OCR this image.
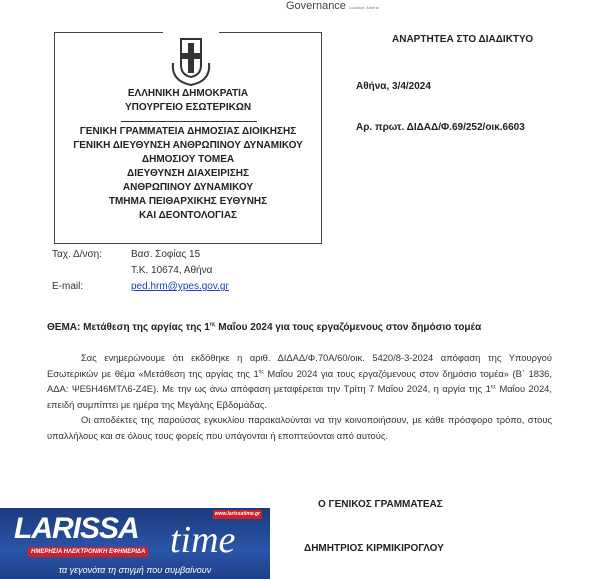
Governance Location: Athens
ΕΛΛΗΝΙΚΗ ΔΗΜΟΚΡΑΤΙΑ
ΥΠΟΥΡΓΕΙΟ ΕΣΩΤΕΡΙΚΩΝ
ΓΕΝΙΚΗ ΓΡΑΜΜΑΤΕΙΑ ΔΗΜΟΣΙΑΣ ΔΙΟΙΚΗΣΗΣ
ΓΕΝΙΚΗ ΔΙΕΥΘΥΝΣΗ ΑΝΘΡΩΠΙΝΟΥ ΔΥΝΑΜΙΚΟΥ
ΔΗΜΟΣΙΟΥ ΤΟΜΕΑ
ΔΙΕΥΘΥΝΣΗ ΔΙΑΧΕΙΡΙΣΗΣ
ΑΝΘΡΩΠΙΝΟΥ ΔΥΝΑΜΙΚΟΥ
ΤΜΗΜΑ ΠΕΙΘΑΡΧΙΚΗΣ ΕΥΘΥΝΗΣ
ΚΑΙ ΔΕΟΝΤΟΛΟΓΙΑΣ
ΑΝΑΡΤΗΤΕΑ ΣΤΟ ΔΙΑΔΙΚΤΥΟ
Αθήνα, 3/4/2024
Αρ. πρωτ. ΔΙΔΑΔ/Φ.69/252/οικ.6603
Ταχ. Δ/νση:	Βασ. Σοφίας 15
Τ.Κ. 10674, Αθήνα
E-mail:	ped.hrm@ypes.gov.gr
ΘΕΜΑ: Μετάθεση της αργίας της $1^{\eta\varsigma}$ Μαΐου 2024 για τους εργαζόμενους στον δημόσιο τομέα

Σας ενημερώνουμε ότι εκδόθηκε η αριθ. ΔΙΔΑΔ/Φ.70Α/60/οικ. 5420/8-3-2024 απόφαση της Υπουργού Εσωτερικών με θέμα «Μετάθεση της αργίας της $1^{\eta\varsigma}$ Μαΐου 2024 για τους εργαζόμενους στον δημόσιο τομέα» (Β΄ 1836, ΑΔΑ: ΨΕ5Η46ΜΤΛ6-Ζ4Ε). Με την ως άνω απόφαση μεταφέρεται την Τρίτη 7 Μαΐου 2024, η αργία της $1^{\eta\varsigma}$ Μαΐου 2024, επειδή συμπίπτει με ημέρα της Μεγάλης Εβδομάδας.

Οι αποδέκτες της παρούσας εγκυκλίου παρακαλούνται να την κοινοποιήσουν, με κάθε πρόσφορο τρόπο, στους υπαλλήλους και σε όλους τους φορείς που υπάγονται ή εποπτεύονται από αυτούς.

Ο ΓΕΝΙΚΟΣ ΓΡΑΜΜΑΤΕΑΣ
ΔΗΜΗΤΡΙΟΣ ΚΙΡΜΙΚΙΡΟΓΛΟΥ
www.larissatime.gr
LARISSA time
ΗΜΕΡΗΣΙΑ ΗΛΕΚΤΡΟΝΙΚΗ ΕΦΗΜΕΡΙΔΑ
τα γεγονότα τη στιγμή που συμβαίνουν
